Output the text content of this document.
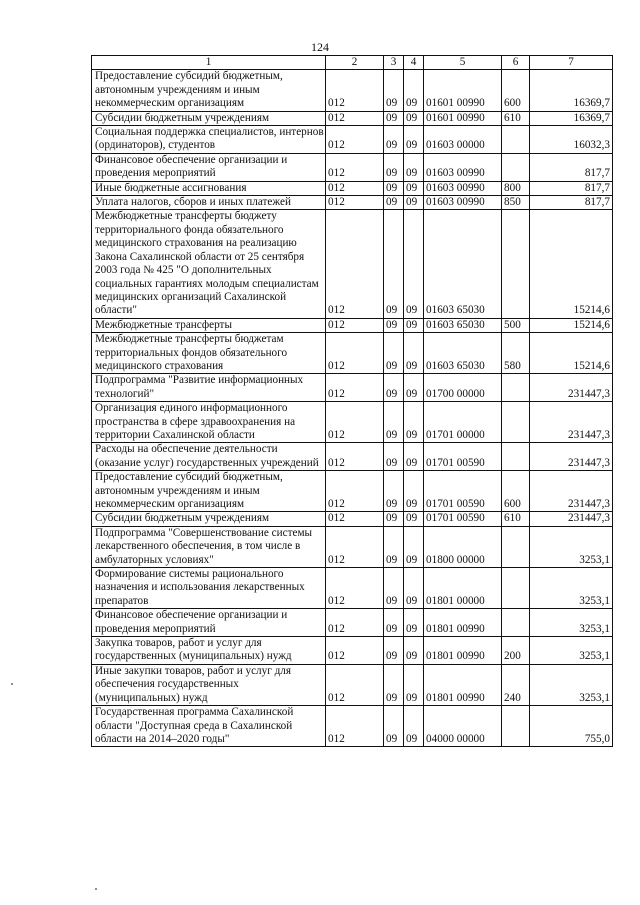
124
1	2	3	4	5	6	7
Предоставление субсидий бюджетным, автономным учреждениям и иным некоммерческим организациям	012	09	09	01601 00990	600	16369,7
Субсидии бюджетным учреждениям	012	09	09	01601 00990	610	16369,7
Социальная поддержка специалистов, интернов (ординаторов), студентов	012	09	09	01603 00000		16032,3
Финансовое обеспечение организации и проведения мероприятий	012	09	09	01603 00990		817,7
Иные бюджетные ассигнования	012	09	09	01603 00990	800	817,7
Уплата налогов, сборов и иных платежей	012	09	09	01603 00990	850	817,7
Межбюджетные трансферты бюджету территориального фонда обязательного медицинского страхования на реализацию Закона Сахалинской области от 25 сентября 2003 года № 425 "О дополнительных социальных гарантиях молодым специалистам медицинских организаций Сахалинской области"	012	09	09	01603 65030		15214,6
Межбюджетные трансферты	012	09	09	01603 65030	500	15214,6
Межбюджетные трансферты бюджетам территориальных фондов обязательного медицинского страхования	012	09	09	01603 65030	580	15214,6
Подпрограмма "Развитие информационных технологий"	012	09	09	01700 00000		231447,3
Организация единого информационного пространства в сфере здравоохранения на территории Сахалинской области	012	09	09	01701 00000		231447,3
Расходы на обеспечение деятельности (оказание услуг) государственных учреждений	012	09	09	01701 00590		231447,3
Предоставление субсидий бюджетным, автономным учреждениям и иным некоммерческим организациям	012	09	09	01701 00590	600	231447,3
Субсидии бюджетным учреждениям	012	09	09	01701 00590	610	231447,3
Подпрограмма "Совершенствование системы лекарственного обеспечения, в том числе в амбулаторных условиях"	012	09	09	01800 00000		3253,1
Формирование системы рационального назначения и использования лекарственных препаратов	012	09	09	01801 00000		3253,1
Финансовое обеспечение организации и проведения мероприятий	012	09	09	01801 00990		3253,1
Закупка товаров, работ и услуг для государственных (муниципальных) нужд	012	09	09	01801 00990	200	3253,1
Иные закупки товаров, работ и услуг для обеспечения государственных (муниципальных) нужд	012	09	09	01801 00990	240	3253,1
Государственная программа Сахалинской области "Доступная среда в Сахалинской области на 2014–2020 годы"	012	09	09	04000 00000		755,0
